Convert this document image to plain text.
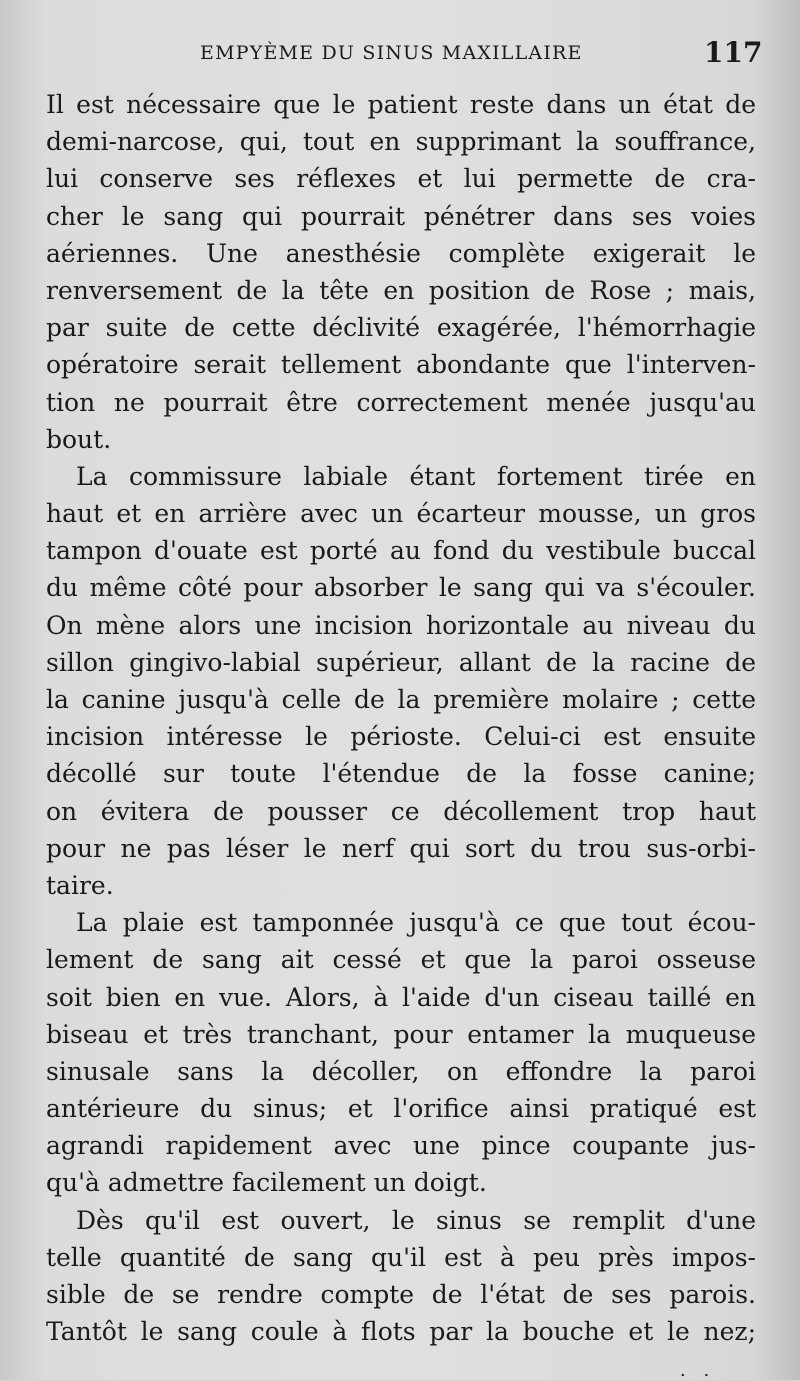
EMPYÈME DU SINUS MAXILLAIRE	117
Il est nécessaire que le patient reste dans un état de
demi-narcose, qui, tout en supprimant la souffrance,
lui conserve ses réflexes et lui permette de cra-
cher le sang qui pourrait pénétrer dans ses voies
aériennes. Une anesthésie complète exigerait le
renversement de la tête en position de Rose ; mais,
par suite de cette déclivité exagérée, l'hémorrhagie
opératoire serait tellement abondante que l'interven-
tion ne pourrait être correctement menée jusqu'au
bout.
La commissure labiale étant fortement tirée en
haut et en arrière avec un écarteur mousse, un gros
tampon d'ouate est porté au fond du vestibule buccal
du même côté pour absorber le sang qui va s'écouler.
On mène alors une incision horizontale au niveau du
sillon gingivo-labial supérieur, allant de la racine de
la canine jusqu'à celle de la première molaire ; cette
incision intéresse le périoste. Celui-ci est ensuite
décollé sur toute l'étendue de la fosse canine;
on évitera de pousser ce décollement trop haut
pour ne pas léser le nerf qui sort du trou sus-orbi-
taire.
La plaie est tamponnée jusqu'à ce que tout écou-
lement de sang ait cessé et que la paroi osseuse
soit bien en vue. Alors, à l'aide d'un ciseau taillé en
biseau et très tranchant, pour entamer la muqueuse
sinusale sans la décoller, on effondre la paroi
antérieure du sinus; et l'orifice ainsi pratiqué est
agrandi rapidement avec une pince coupante jus-
qu'à admettre facilement un doigt.
Dès qu'il est ouvert, le sinus se remplit d'une
telle quantité de sang qu'il est à peu près impos-
sible de se rendre compte de l'état de ses parois.
Tantôt le sang coule à flots par la bouche et le nez;
. .
